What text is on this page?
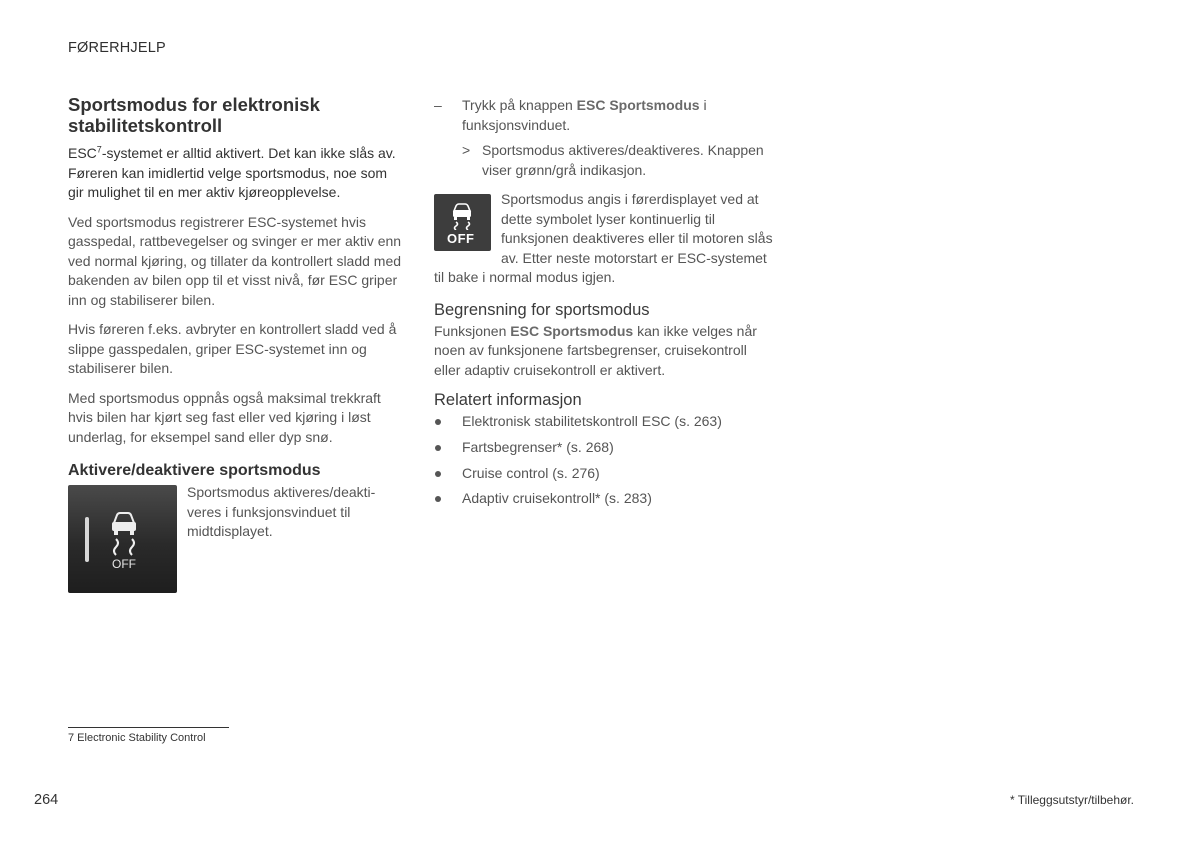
FØRERHJELP
Sportsmodus for elektronisk stabilitetskontroll

ESC$^7$-systemet er alltid aktivert. Det kan ikke slås av. Føreren kan imidlertid velge sportsmodus, noe som gir mulighet til en mer aktiv kjøreopplevelse.

Ved sportsmodus registrerer ESC-systemet hvis gasspedal, rattbevegelser og svinger er mer aktiv enn ved normal kjøring, og tillater da kontrollert sladd med bakenden av bilen opp til et visst nivå, før ESC griper inn og stabiliserer bilen.

Hvis føreren f.eks. avbryter en kontrollert sladd ved å slippe gasspedalen, griper ESC-systemet inn og stabiliserer bilen.

Med sportsmodus oppnås også maksimal trekkraft hvis bilen har kjørt seg fast eller ved kjøring i løst underlag, for eksempel sand eller dyp snø.

Aktivere/deaktivere sportsmodus
OFF

Sportsmodus aktiveres/deaktiveres i funksjonsvinduet til midtdisplayet.

– Trykk på knappen ESC Sportsmodus i funksjonsvinduet.
> Sportsmodus aktiveres/deaktiveres. Knappen viser grønn/grå indikasjon.
OFF
Sportsmodus angis i førerdisplayet ved at dette symbolet lyser kontinuerlig til funksjonen deaktiveres eller til motoren slås av. Etter neste motorstart er ESC-systemet til bake i normal modus igjen.
Begrensning for sportsmodus

Funksjonen ESC Sportsmodus kan ikke velges når noen av funksjonene fartsbegrenser, cruisekontroll eller adaptiv cruisekontroll er aktivert.

Relatert informasjon
Elektronisk stabilitetskontroll ESC (s. 263)
Fartsbegrenser* (s. 268)
Cruise control (s. 276)
Adaptiv cruisekontroll* (s. 283)
7 Electronic Stability Control
264	* Tilleggsutstyr/tilbehør.
